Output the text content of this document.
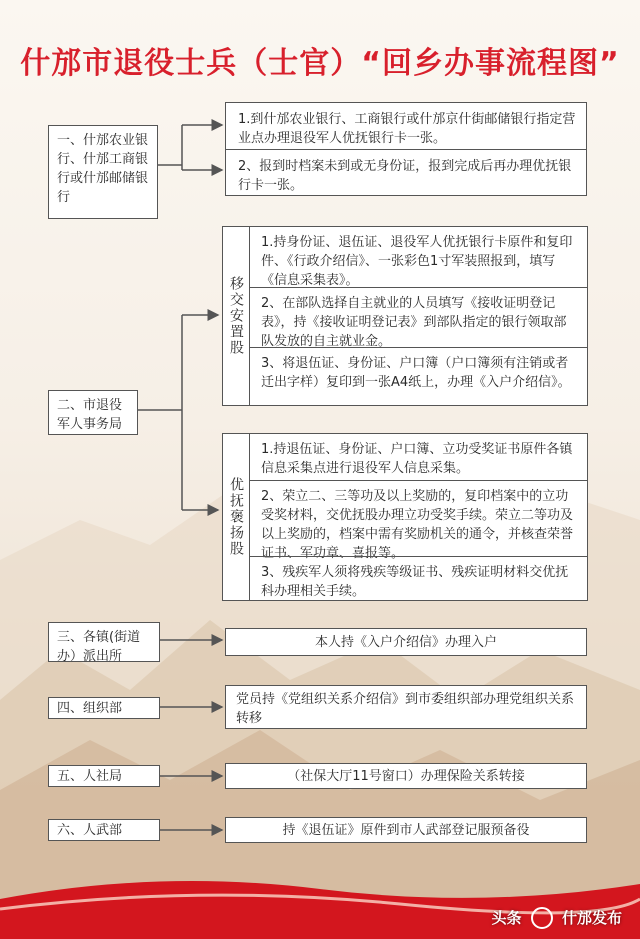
什邡市退役士兵（士官）“回乡办事流程图”
一、什邡农业银行、什邡工商银行或什邡邮储银行
1.到什邡农业银行、工商银行或什邡京什街邮储银行指定营业点办理退役军人优抚银行卡一张。
2、报到时档案未到或无身份证，报到完成后再办理优抚银行卡一张。
二、市退役军人事务局
移交安置股
1.持身份证、退伍证、退役军人优抚银行卡原件和复印件、《行政介绍信》、一张彩色1寸军装照报到，填写《信息采集表》。
2、在部队选择自主就业的人员填写《接收证明登记表》，持《接收证明登记表》到部队指定的银行领取部队发放的自主就业金。
3、将退伍证、身份证、户口簿（户口簿须有注销或者迁出字样）复印到一张A4纸上，办理《入户介绍信》。
优抚褒扬股
1.持退伍证、身份证、户口簿、立功受奖证书原件各镇信息采集点进行退役军人信息采集。
2、荣立二、三等功及以上奖励的，复印档案中的立功受奖材料，交优抚股办理立功受奖手续。荣立二等功及以上奖励的，档案中需有奖励机关的通令，并核查荣誉证书、军功章、喜报等。
3、残疾军人须将残疾等级证书、残疾证明材料交优抚科办理相关手续。
三、各镇(街道办）派出所
本人持《入户介绍信》办理入户
四、组织部
党员持《党组织关系介绍信》到市委组织部办理党组织关系转移
五、人社局	（社保大厅11号窗口）办理保险关系转接
六、人武部	持《退伍证》原件到市人武部登记服预备役
头条	什邡发布
